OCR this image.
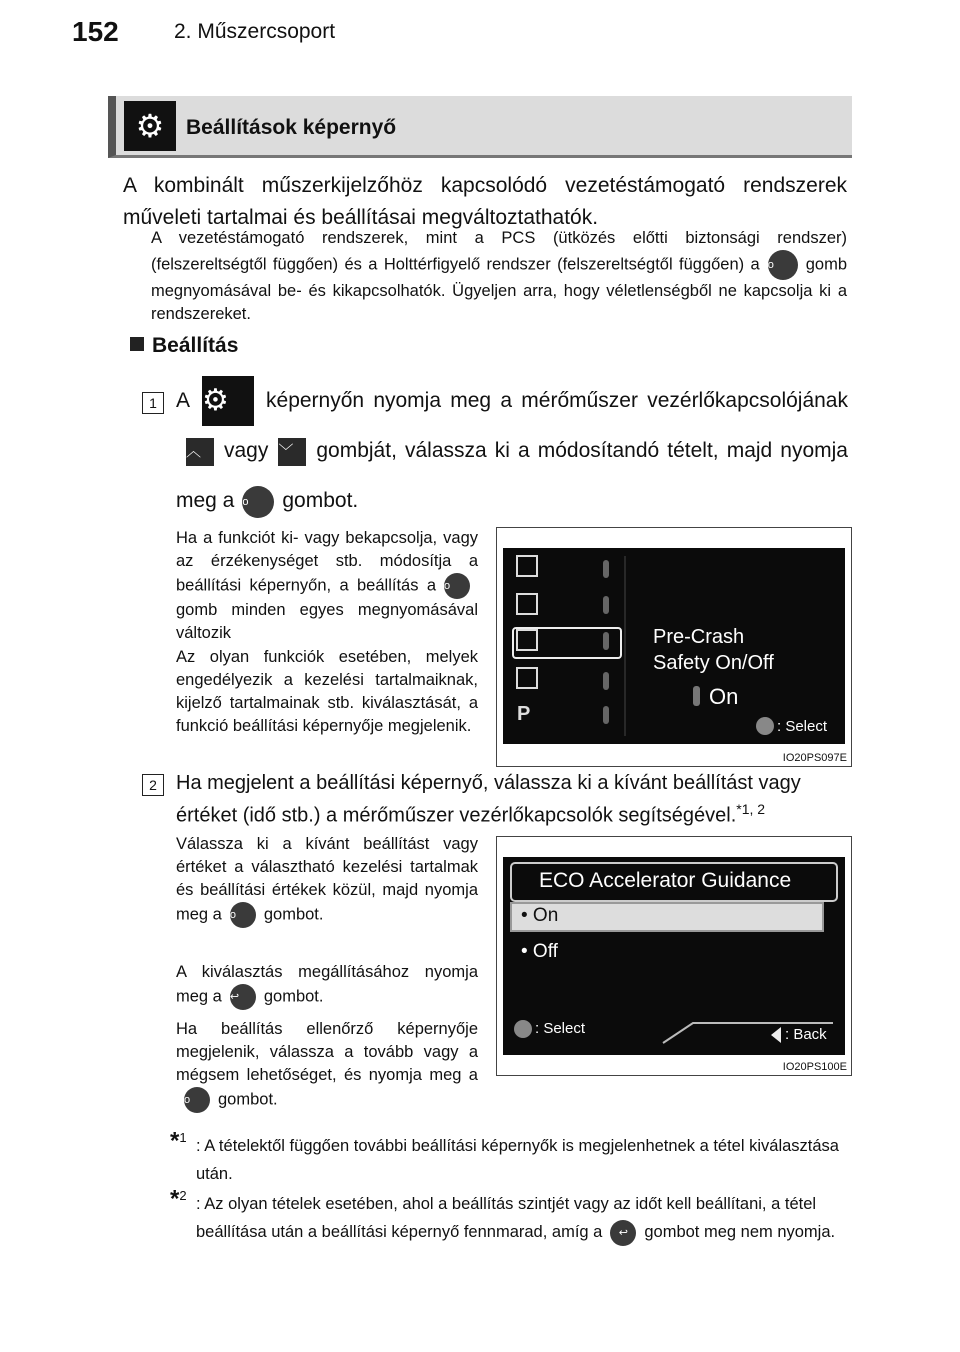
152	2. Műszercsoport
⚙	Beállítások képernyő
A kombinált műszerkijelzőhöz kapcsolódó vezetéstámogató rendszerek műveleti tartalmai és beállításai megváltoztathatók.
A vezetéstámogató rendszerek, mint a PCS (ütközés előtti biztonsági rendszer) (felszereltségtől függően) és a Holttérfigyelő rendszer (felszereltségtől függően) a o gomb megnyomásával be- és kikapcsolhatók. Ügyeljen arra, hogy véletlenségből ne kapcsolja ki a rendszereket.
Beállítás
1 A ⚙ képernyőn nyomja meg a mérőműszer vezérlőkapcsolójának︿ vagy ﹀ gombját, válassza ki a módosítandó tételt, majd nyomja meg a o gombot.
Ha a funkciót ki- vagy bekapcsolja, vagy az érzékenységet stb. módosítja a beállítási képernyőn, a beállítás a ogomb minden egyes megnyomásával változik
Az olyan funkciók esetében, melyek engedélyezik a kezelési tartalmaiknak, kijelző tartalmainak stb. kiválasztását, a funkció beállítási képernyője megjelenik.
P
Pre-Crash
Safety On/Off
On
: Select
IO20PS097E
2 Ha megjelent a beállítási képernyő, válassza ki a kívánt beállítást vagy értéket (idő stb.) a mérőműszer vezérlőkapcsolók segítségével.$^{*1, 2}$
Válassza ki a kívánt beállítást vagy értéket a választható kezelési tartalmak és beállítási értékek közül, majd nyomja meg a o gombot.
A kiválasztás megállításához nyomja meg a ↩ gombot.
Ha beállítás ellenőrző képernyője megjelenik, válassza a tovább vagy a mégsem lehetőséget, és nyomja meg ao gombot.
ECO Accelerator Guidance
• On
• Off
: Select	: Back
IO20PS100E
*$^1$ : A tételektől függően további beállítási képernyők is megjelenhetnek a tétel kiválasztása után.
*$^2$ : Az olyan tételek esetében, ahol a beállítás szintjét vagy az időt kell beállítani, a tétel beállítása után a beállítási képernyő fennmarad, amíg a ↩ gombot meg nem nyomja.
